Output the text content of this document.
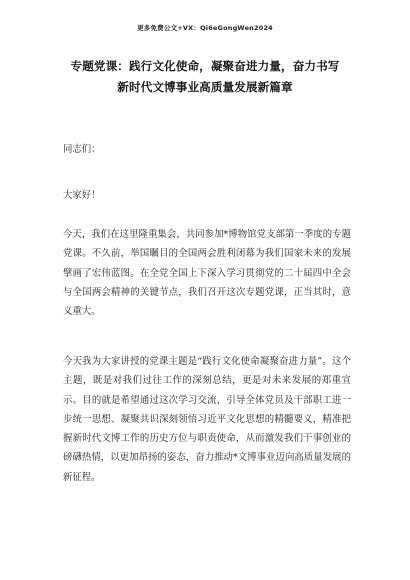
更多免费公文+VX：Qi6eGongWen2024
专题党课：践行文化使命，凝聚奋进力量，奋力书写
新时代文博事业高质量发展新篇章
同志们：
大家好！
今天，我们在这里隆重集会，共同参加*博物馆党支部第一季度的专题党课。不久前，举国瞩目的全国两会胜利闭幕为我们国家未来的发展擘画了宏伟蓝图。在全党全国上下深入学习贯彻党的二十届四中全会与全国两会精神的关键节点，我们召开这次专题党课，正当其时，意义重大。
今天我为大家讲授的党课主题是“践行文化使命凝聚奋进力量”。这个主题，既是对我们过往工作的深刻总结，更是对未来发展的郑重宣示。目的就是希望通过这次学习交流，引导全体党员及干部职工进一步统一思想、凝聚共识深刻领悟习近平文化思想的精髓要义，精准把握新时代文博工作的历史方位与职责使命，从而激发我们干事创业的磅礴热情，以更加昂扬的姿态，奋力推动*文博事业迈向高质量发展的新征程。
